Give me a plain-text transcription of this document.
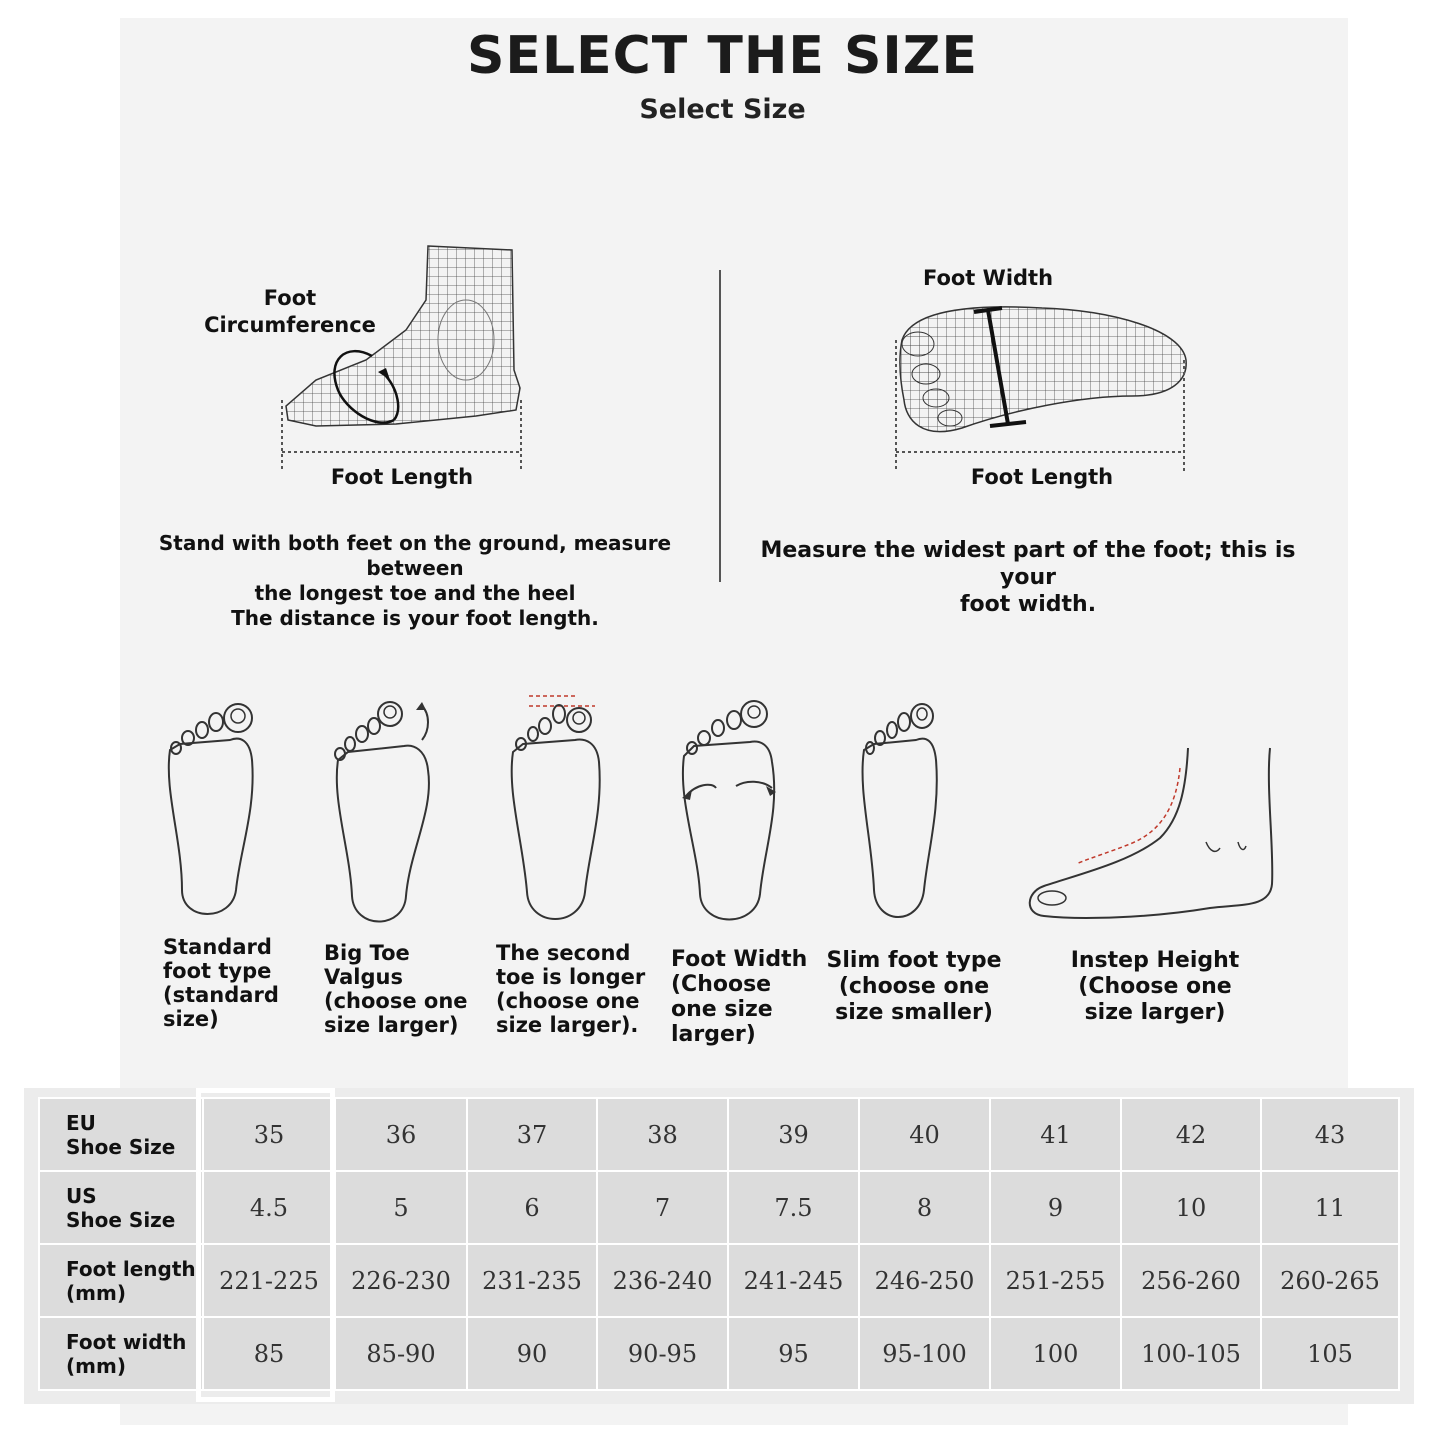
SELECT THE SIZE
Select Size
Foot
Circumference
Foot Length
Stand with both feet on the ground, measure between
the longest toe and the heel
The distance is your foot length.
Foot Width
Foot Length
Measure the widest part of the foot; this is your
foot width.
Standard
foot type
(standard
size)
Big Toe
Valgus
(choose one
size larger)
The second
toe is longer
(choose one
size larger).
Foot Width
(Choose
one size
larger)
Slim foot type
(choose one
size smaller)
Instep Height
(Choose one
size larger)
EU
Shoe Size	35	36	37	38	39	40	41	42	43
US
Shoe Size	4.5	5	6	7	7.5	8	9	10	11
Foot length
(mm)	221-225	226-230	231-235	236-240	241-245	246-250	251-255	256-260	260-265
Foot width
(mm)	85	85-90	90	90-95	95	95-100	100	100-105	105
